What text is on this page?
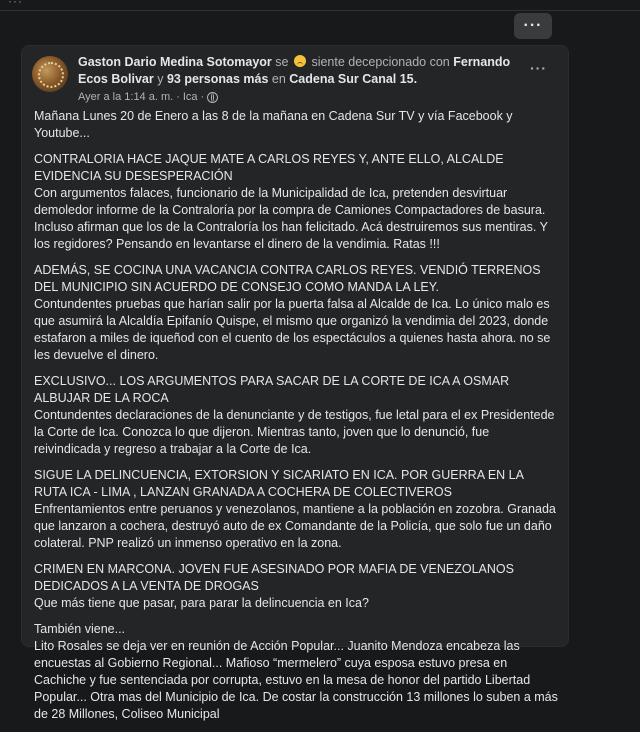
···
···
Gaston Dario Medina Sotomayor se siente decepcionado con Fernando Ecos Bolivar y 93 personas más en Cadena Sur Canal 15.
Ayer a la 1:14 a. m. · Ica ·
···

Mañana Lunes 20 de Enero a las 8 de la mañana en Cadena Sur TV y vía Facebook y Youtube...

CONTRALORIA HACE JAQUE MATE A CARLOS REYES Y, ANTE ELLO, ALCALDE EVIDENCIA SU DESESPERACIÓN
Con argumentos falaces, funcionario de la Municipalidad de Ica, pretenden desvirtuar demoledor informe de la Contraloría por la compra de Camiones Compactadores de basura. Incluso afirman que los de la Contraloría los han felicitado. Acá destruiremos sus mentiras. Y los regidores? Pensando en levantarse el dinero de la vendimia. Ratas !!!

ADEMÁS, SE COCINA UNA VACANCIA CONTRA CARLOS REYES. VENDIÓ TERRENOS DEL MUNICIPIO SIN ACUERDO DE CONSEJO COMO MANDA LA LEY.
Contundentes pruebas que harían salir por la puerta falsa al Alcalde de Ica. Lo único malo es que asumirá la Alcaldía Epifanío Quispe, el mismo que organizó la vendimia del 2023, donde estafaron a miles de iqueñod con el cuento de los espectáculos a quienes hasta ahora. no se les devuelve el dinero.

EXCLUSIVO... LOS ARGUMENTOS PARA SACAR DE LA CORTE DE ICA A OSMAR ALBUJAR DE LA ROCA
Contundentes declaraciones de la denunciante y de testigos, fue letal para el ex Presidentede la Corte de Ica. Conozca lo que dijeron. Mientras tanto, joven que lo denunció, fue reivindicada y regreso a trabajar a la Corte de Ica.

SIGUE LA DELINCUENCIA, EXTORSION Y SICARIATO EN ICA. POR GUERRA EN LA RUTA ICA - LIMA , LANZAN GRANADA A COCHERA DE COLECTIVEROS
Enfrentamientos entre peruanos y venezolanos, mantiene a la población en zozobra. Granada que lanzaron a cochera, destruyó auto de ex Comandante de la Policía, que solo fue un daño colateral. PNP realizó un inmenso operativo en la zona.

CRIMEN EN MARCONA. JOVEN FUE ASESINADO POR MAFIA DE VENEZOLANOS DEDICADOS A LA VENTA DE DROGAS
Que más tiene que pasar, para parar la delincuencia en Ica?

También viene...
Lito Rosales se deja ver en reunión de Acción Popular... Juanito Mendoza encabeza las encuestas al Gobierno Regional... Mafioso “mermelero” cuya esposa estuvo presa en Cachiche y fue sentenciada por corrupta, estuvo en la mesa de honor del partido Libertad Popular... Otra mas del Municipio de Ica. De costar la construcción 13 millones lo suben a más de 28 Millones, Coliseo Municipal
